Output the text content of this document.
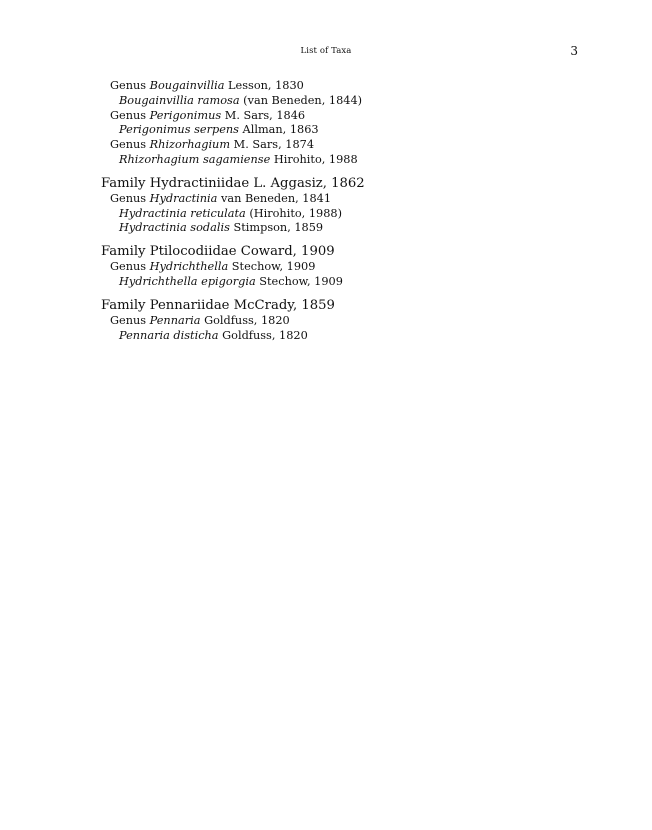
List of Taxa	3
Genus Bougainvillia Lesson, 1830
Bougainvillia ramosa (van Beneden, 1844)
Genus Perigonimus M. Sars, 1846
Perigonimus serpens Allman, 1863
Genus Rhizorhagium M. Sars, 1874
Rhizorhagium sagamiense Hirohito, 1988
Family Hydractiniidae L. Aggasiz, 1862
Genus Hydractinia van Beneden, 1841
Hydractinia reticulata (Hirohito, 1988)
Hydractinia sodalis Stimpson, 1859
Family Ptilocodiidae Coward, 1909
Genus Hydrichthella Stechow, 1909
Hydrichthella epigorgia Stechow, 1909
Family Pennariidae McCrady, 1859
Genus Pennaria Goldfuss, 1820
Pennaria disticha Goldfuss, 1820
